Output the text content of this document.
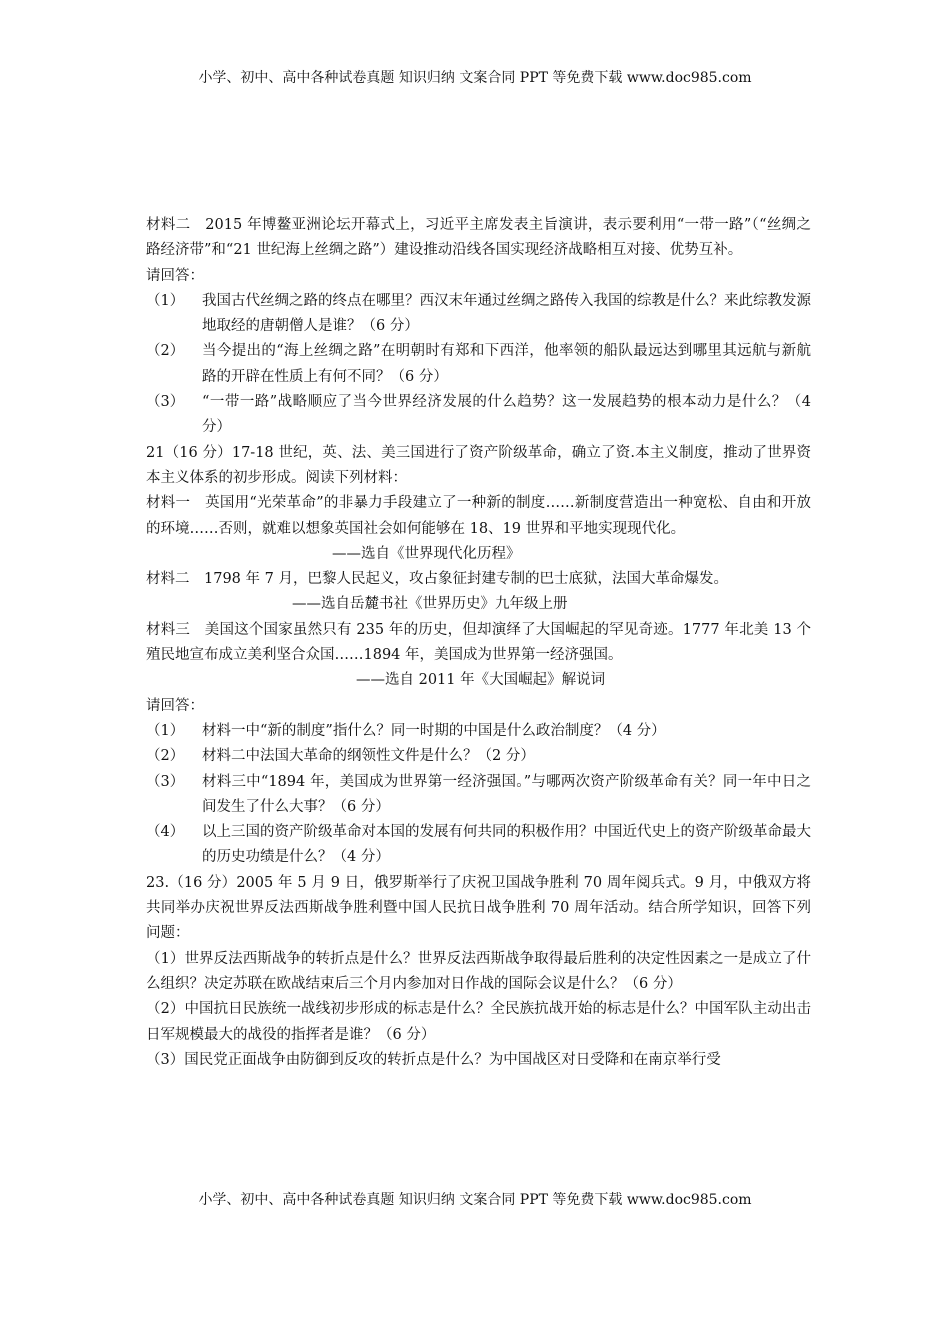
小学、初中、高中各种试卷真题 知识归纳 文案合同 PPT 等免费下载 www.doc985.com

材料二　2015 年博鳌亚洲论坛开幕式上，习近平主席发表主旨演讲，表示要利用“一带一路”（“丝绸之路经济带”和“21 世纪海上丝绸之路”）建设推动沿线各国实现经济战略相互对接、优势互补。

请回答：

（1） 我国古代丝绸之路的终点在哪里？西汉末年通过丝绸之路传入我国的综教是什么？来此综教发源地取经的唐朝僧人是谁？（6 分）

（2） 当今提出的“海上丝绸之路”在明朝时有郑和下西洋，他率领的船队最远达到哪里其远航与新航路的开辟在性质上有何不同？（6 分）

（3） “一带一路”战略顺应了当今世界经济发展的什么趋势？这一发展趋势的根本动力是什么？（4 分）

21（16 分）17-18 世纪，英、法、美三国进行了资产阶级革命，确立了资.本主义制度，推动了世界资本主义体系的初步形成。阅读下列材料：

材料一　英国用“光荣革命”的非暴力手段建立了一种新的制度……新制度营造出一种宽松、自由和开放的环境……否则，就难以想象英国社会如何能够在 18、19 世界和平地实现现代化。

——选自《世界现代化历程》

材料二　1798 年 7 月，巴黎人民起义，攻占象征封建专制的巴士底狱，法国大革命爆发。

——选自岳麓书社《世界历史》九年级上册

材料三　美国这个国家虽然只有 235 年的历史，但却演绎了大国崛起的罕见奇迹。1777 年北美 13 个殖民地宣布成立美利坚合众国……1894 年，美国成为世界第一经济强国。

——选自 2011 年《大国崛起》解说词

请回答：

（1） 材料一中“新的制度”指什么？同一时期的中国是什么政治制度？（4 分）

（2） 材料二中法国大革命的纲领性文件是什么？（2 分）

（3） 材料三中“1894 年，美国成为世界第一经济强国。”与哪两次资产阶级革命有关？同一年中日之间发生了什么大事？（6 分）

（4） 以上三国的资产阶级革命对本国的发展有何共同的积极作用？中国近代史上的资产阶级革命最大的历史功绩是什么？（4 分）

23.（16 分）2005 年 5 月 9 日，俄罗斯举行了庆祝卫国战争胜利 70 周年阅兵式。9 月，中俄双方将共同举办庆祝世界反法西斯战争胜利暨中国人民抗日战争胜利 70 周年活动。结合所学知识，回答下列问题：

（1）世界反法西斯战争的转折点是什么？世界反法西斯战争取得最后胜利的决定性因素之一是成立了什么组织？决定苏联在欧战结束后三个月内参加对日作战的国际会议是什么？（6 分）

（2）中国抗日民族统一战线初步形成的标志是什么？全民族抗战开始的标志是什么？中国军队主动出击日军规模最大的战役的指挥者是谁？（6 分）

（3）国民党正面战争由防御到反攻的转折点是什么？为中国战区对日受降和在南京举行受

小学、初中、高中各种试卷真题 知识归纳 文案合同 PPT 等免费下载 www.doc985.com
